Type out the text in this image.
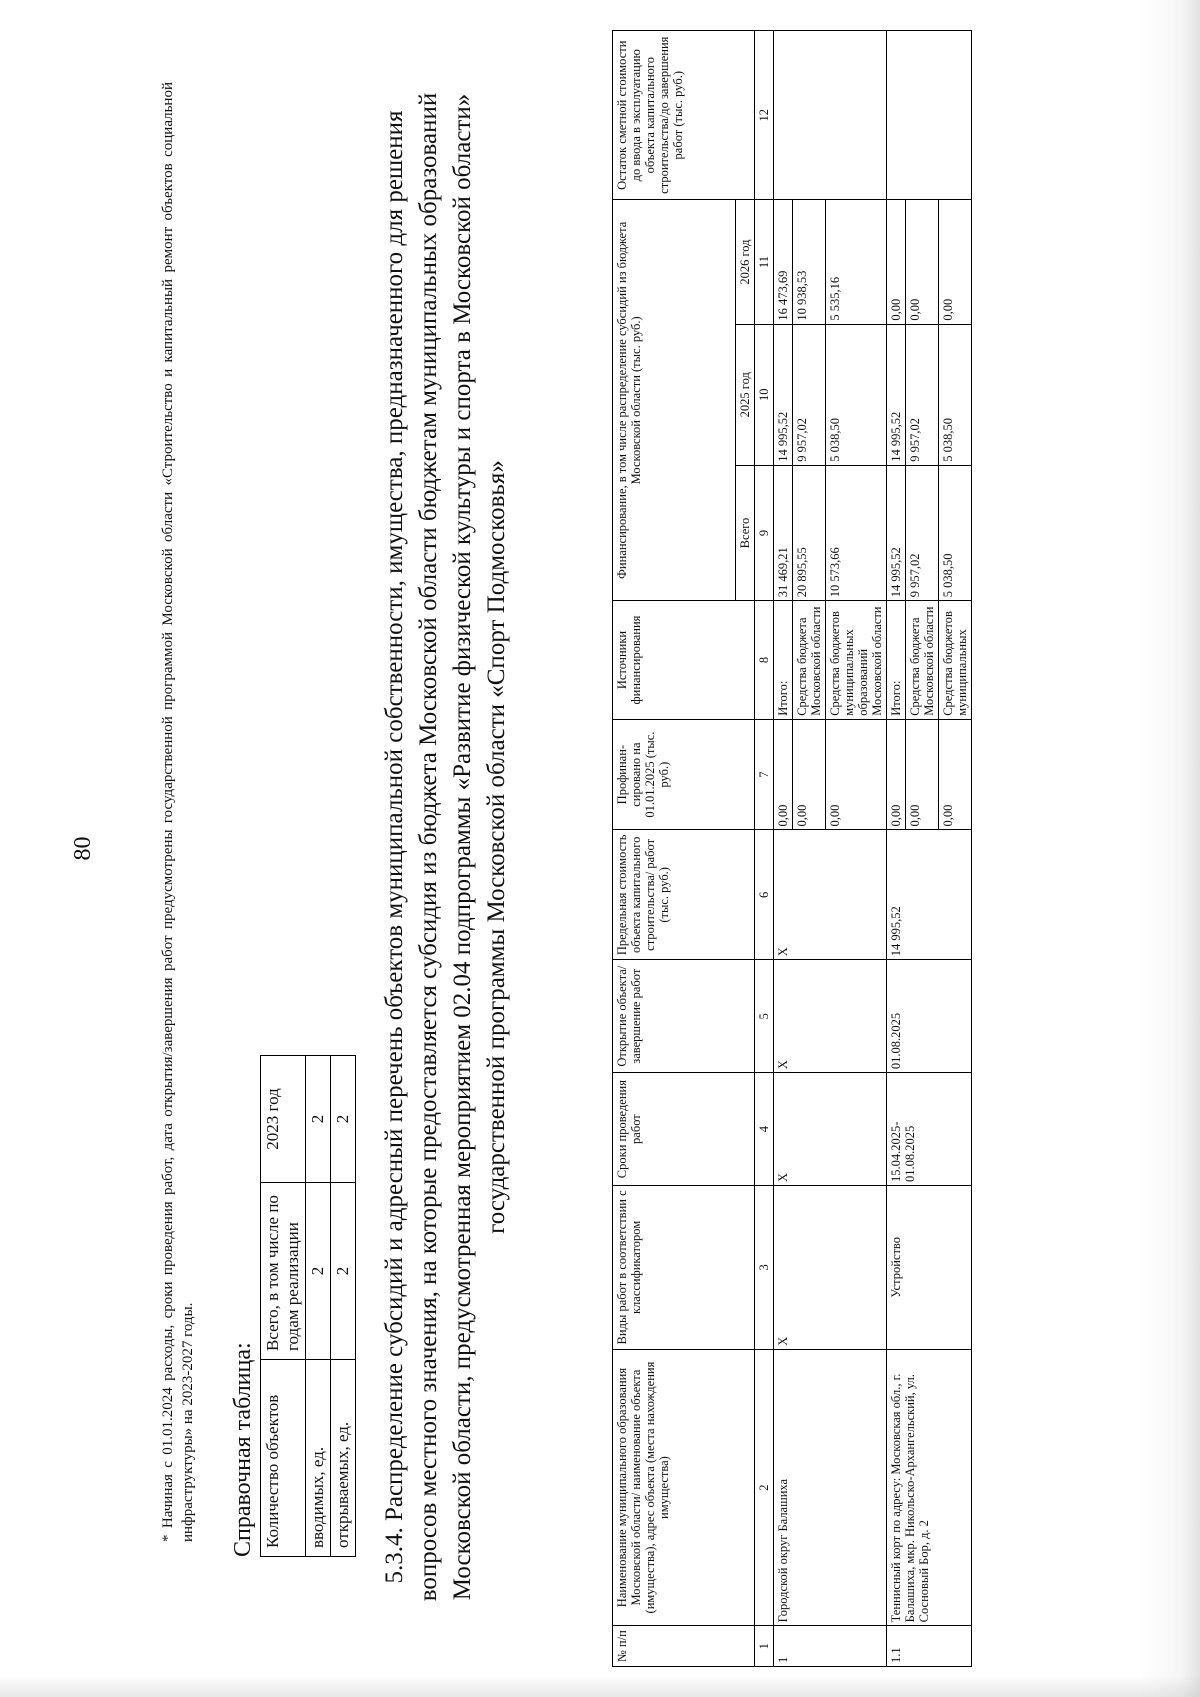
80	* Начиная с 01.01.2024 расходы, сроки проведения работ, дата открытия/завершения работ предусмотрены государственной программой Московской области «Строительство и капитальный ремонт объектов социальной инфраструктуры» на 2023-2027 годы. Справочная таблица: Количество объектов	Всего, в том числе по годам реализации	2023 год
вводимых, ед.	2	2
открываемых, ед.	2	2 5.3.4. Распределение субсидий и адресный перечень объектов муниципальной собственности, имущества, предназначенного для решения вопросов местного значения, на которые предоставляется субсидия из бюджета Московской области бюджетам муниципальных образований Московской области, предусмотренная мероприятием 02.04 подпрограммы «Развитие физической культуры и спорта в Московской области» государственной программы Московской области «Спорт Подмосковья»
№ п/п	Наименование муниципального образования Московской области/ наименование объекта (имущества), адрес объекта (места нахождения имущества)	Виды работ в соответствии с классификатором	Сроки проведения работ	Открытие объекта/ завершение работ	Предельная стоимость объекта капитального строительства/ работ (тыс. руб.)	Профинан-сировано на 01.01.2025 (тыс. руб.)	Источники финансирования	Финансирование, в том числе распределение субсидий из бюджета Московской области (тыс. руб.)			Остаток сметной стоимости до ввода в эксплуатацию объекта капитального строительства/до завершения работ (тыс. руб.)
								Всего	2025 год	2026 год	
1	2	3	4	5	6	7	8	9	10	11	12
1	Городской округ Балашиха	Х	Х	Х	Х	0,00	Итого:	31 469,21	14 995,52	16 473,69	
						0,00	Средства бюджета Московской области	20 895,55	9 957,02	10 938,53	
						0,00	Средства бюджетов муниципальных образований Московской области	10 573,66	5 038,50	5 535,16	
1.1	Теннисный корт по адресу: Московская обл., г. Балашиха, мкр. Никольско-Архангельский, ул. Сосновый Бор, д. 2	Устройство	15.04.2025-01.08.2025	01.08.2025	14 995,52	0,00	Итого:	14 995,52	14 995,52	0,00	
						0,00	Средства бюджета Московской области	9 957,02	9 957,02	0,00	
						0,00	Средства бюджетов муниципальных	5 038,50	5 038,50	0,00	
